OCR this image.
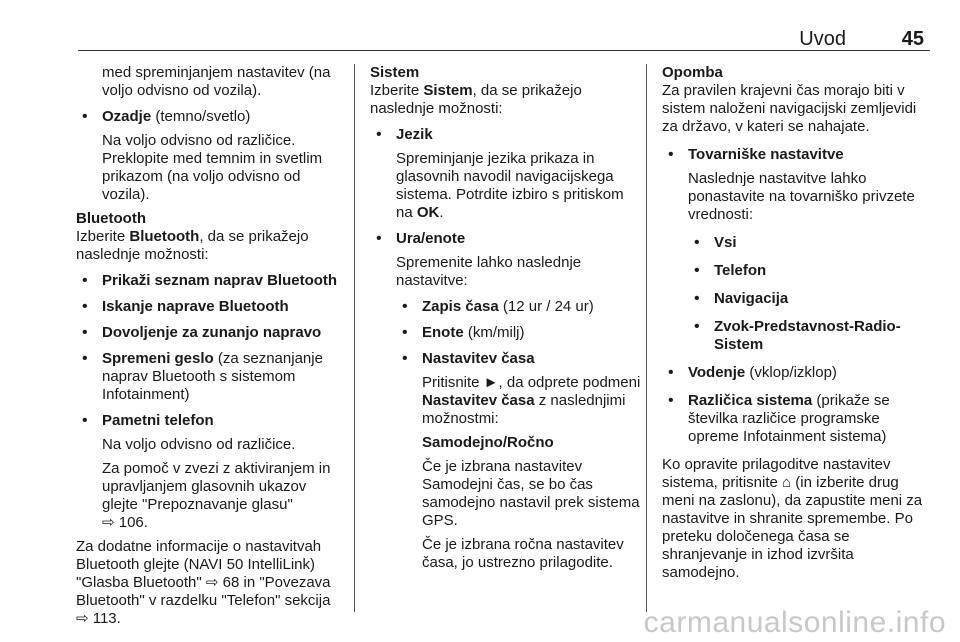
Uvod	45

med spreminjanjem nastavitev (na voljo odvisno od vozila).

• Ozadje (temno/svetlo)

Na voljo odvisno od različice. Preklopite med temnim in svetlim prikazom (na voljo odvisno od vozila).

Bluetooth

Izberite Bluetooth, da se prikažejo naslednje možnosti:

• Prikaži seznam naprav Bluetooth
• Iskanje naprave Bluetooth
• Dovoljenje za zunanjo napravo
• Spremeni geslo (za seznanjanje naprav Bluetooth s sistemom Infotainment)
• Pametni telefon

Na voljo odvisno od različice.

Za pomoč v zvezi z aktiviranjem in upravljanjem glasovnih ukazov glejte "Prepoznavanje glasu"

⇨ 106.

Za dodatne informacije o nastavitvah Bluetooth glejte (NAVI 50 IntelliLink) "Glasba Bluetooth" ⇨ 68 in "Povezava Bluetooth" v razdelku "Telefon" sekcija ⇨ 113.

Sistem

Izberite Sistem, da se prikažejo naslednje možnosti:

• Jezik

Spreminjanje jezika prikaza in glasovnih navodil navigacijskega sistema. Potrdite izbiro s pritiskom na OK.

• Ura/enote

Spremenite lahko naslednje nastavitve:

• Zapis časa (12 ur / 24 ur)
• Enote (km/milj)
• Nastavitev časa

Pritisnite ►, da odprete podmeni Nastavitev časa z naslednjimi možnostmi:

Samodejno/Ročno

Če je izbrana nastavitev Samodejni čas, se bo čas samodejno nastavil prek sistema GPS.

Če je izbrana ročna nastavitev časa, jo ustrezno prilagodite.

Opomba

Za pravilen krajevni čas morajo biti v sistem naloženi navigacijski zemljevidi za državo, v kateri se nahajate.

• Tovarniške nastavitve

Naslednje nastavitve lahko ponastavite na tovarniško privzete vrednosti:

• Vsi
• Telefon
• Navigacija
• Zvok-Predstavnost-Radio-Sistem
• Vodenje (vklop/izklop)
• Različica sistema (prikaže se številka različice programske opreme Infotainment sistema)

Ko opravite prilagoditve nastavitev sistema, pritisnite ⌂ (in izberite drug meni na zaslonu), da zapustite meni za nastavitve in shranite spremembe. Po preteku določenega časa se shranjevanje in izhod izvršita samodejno.

carmanualsonline.info
